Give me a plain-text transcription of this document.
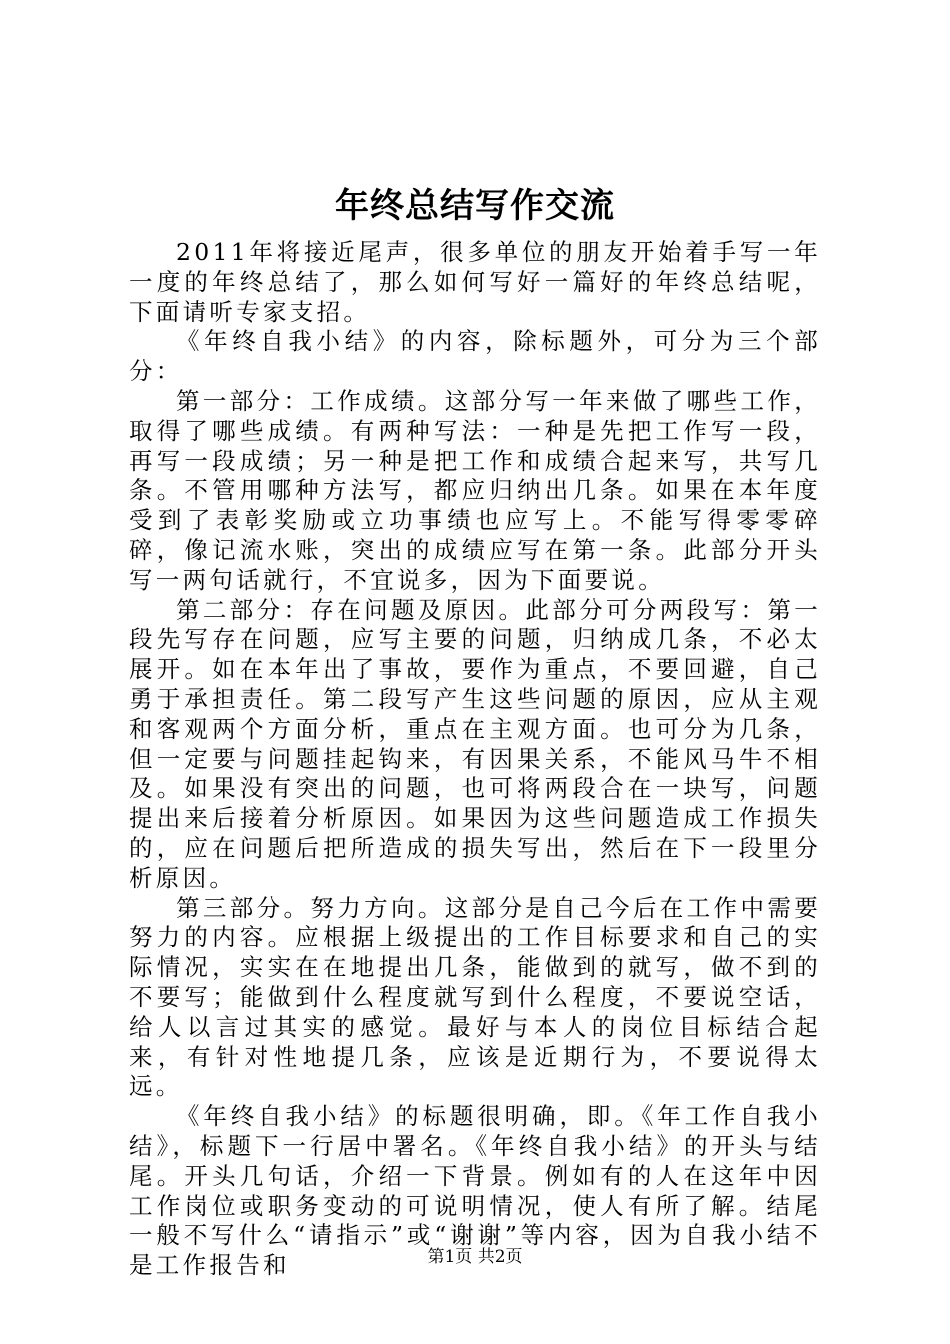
年终总结写作交流

2011年将接近尾声，很多单位的朋友开始着手写一年一度的年终总结了，那么如何写好一篇好的年终总结呢，下面请听专家支招。

《年终自我小结》的内容，除标题外，可分为三个部分：

第一部分：工作成绩。这部分写一年来做了哪些工作，取得了哪些成绩。有两种写法：一种是先把工作写一段，再写一段成绩；另一种是把工作和成绩合起来写，共写几条。不管用哪种方法写，都应归纳出几条。如果在本年度受到了表彰奖励或立功事绩也应写上。不能写得零零碎碎，像记流水账，突出的成绩应写在第一条。此部分开头写一两句话就行，不宜说多，因为下面要说。

第二部分：存在问题及原因。此部分可分两段写：第一段先写存在问题，应写主要的问题，归纳成几条，不必太展开。如在本年出了事故，要作为重点，不要回避，自己勇于承担责任。第二段写产生这些问题的原因，应从主观和客观两个方面分析，重点在主观方面。也可分为几条，但一定要与问题挂起钩来，有因果关系，不能风马牛不相及。如果没有突出的问题，也可将两段合在一块写，问题提出来后接着分析原因。如果因为这些问题造成工作损失的，应在问题后把所造成的损失写出，然后在下一段里分析原因。

第三部分。努力方向。这部分是自己今后在工作中需要努力的内容。应根据上级提出的工作目标要求和自己的实际情况，实实在在地提出几条，能做到的就写，做不到的不要写；能做到什么程度就写到什么程度，不要说空话，给人以言过其实的感觉。最好与本人的岗位目标结合起来，有针对性地提几条，应该是近期行为，不要说得太远。

《年终自我小结》的标题很明确，即。《年工作自我小结》，标题下一行居中署名。《年终自我小结》的开头与结尾。开头几句话，介绍一下背景。例如有的人在这年中因工作岗位或职务变动的可说明情况，使人有所了解。结尾一般不写什么“请指示”或“谢谢”等内容，因为自我小结不是工作报告和	第1页 共2页
